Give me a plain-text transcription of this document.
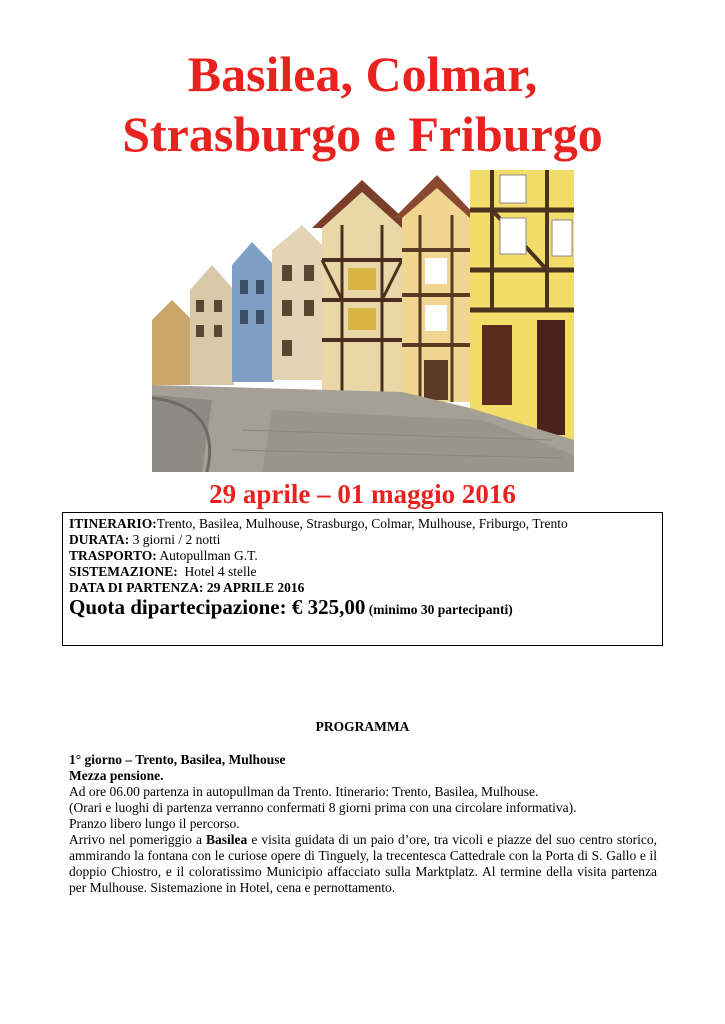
Basilea, Colmar,
Strasburgo e Friburgo
29 aprile – 01 maggio 2016
ITINERARIO:Trento, Basilea, Mulhouse, Strasburgo, Colmar, Mulhouse, Friburgo, Trento
DURATA: 3 giorni / 2 notti
TRASPORTO: Autopullman G.T.
SISTEMAZIONE:  Hotel 4 stelle
DATA DI PARTENZA: 29 APRILE 2016
Quota dipartecipazione: € 325,00 (minimo 30 partecipanti)
PROGRAMMA
1° giorno – Trento, Basilea, Mulhouse
Mezza pensione.
Ad ore 06.00 partenza in autopullman da Trento. Itinerario: Trento, Basilea, Mulhouse.
(Orari e luoghi di partenza verranno confermati 8 giorni prima con una circolare informativa).
Pranzo libero lungo il percorso.
Arrivo nel pomeriggio a Basilea e visita guidata di un paio d’ore, tra vicoli e piazze del suo centro storico, ammirando la fontana con le curiose opere di Tinguely, la trecentesca Cattedrale con la Porta di S. Gallo e il doppio Chiostro, e il coloratissimo Municipio affacciato sulla Marktplatz. Al termine della visita partenza per Mulhouse. Sistemazione in Hotel, cena e pernottamento.
